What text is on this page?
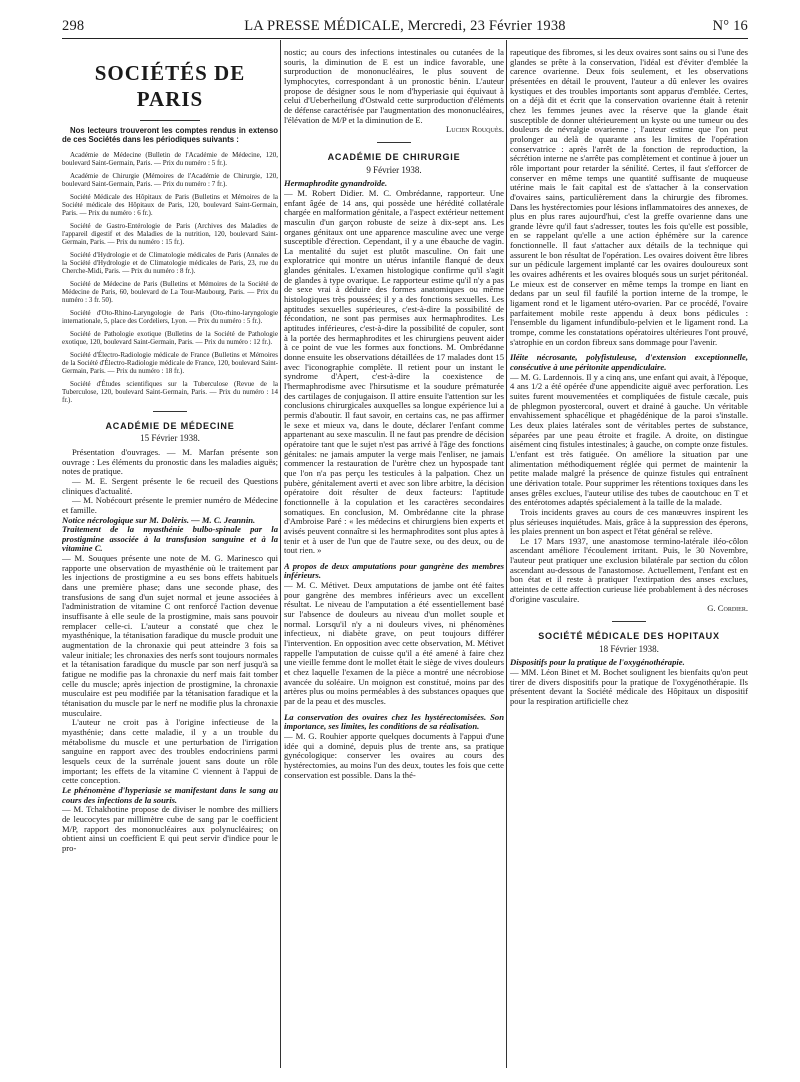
298	LA PRESSE MÉDICALE, Mercredi, 23 Février 1938	N° 16
SOCIÉTÉS DE PARIS
Nos lecteurs trouveront les comptes rendus in extenso de ces Sociétés dans les périodiques suivants :
Académie de Médecine (Bulletin de l'Académie de Médecine, 120, boulevard Saint-Germain, Paris. — Prix du numéro : 5 fr.).
Académie de Chirurgie (Mémoires de l'Académie de Chirurgie, 120, boulevard Saint-Germain, Paris. — Prix du numéro : 7 fr.).
Société Médicale des Hôpitaux de Paris (Bulletins et Mémoires de la Société médicale des Hôpitaux de Paris, 120, boulevard Saint-Germain, Paris. — Prix du numéro : 6 fr.).
Société de Gastro-Entérologie de Paris (Archives des Maladies de l'appareil digestif et des Maladies de la nutrition, 120, boulevard Saint-Germain, Paris. — Prix du numéro : 15 fr.).
Société d'Hydrologie et de Climatologie médicales de Paris (Annales de la Société d'Hydrologie et de Climatologie médicales de Paris, 23, rue du Cherche-Midi, Paris. — Prix du numéro : 8 fr.).
Société de Médecine de Paris (Bulletins et Mémoires de la Société de Médecine de Paris, 60, boulevard de La Tour-Maubourg, Paris. — Prix du numéro : 3 fr. 50).
Société d'Oto-Rhino-Laryngologie de Paris (Oto-rhino-laryngologie internationale, 5, place des Cordeliers, Lyon. — Prix du numéro : 5 fr.).
Société de Pathologie exotique (Bulletins de la Société de Pathologie exotique, 120, boulevard Saint-Germain, Paris. — Prix du numéro : 12 fr.).
Société d'Électro-Radiologie médicale de France (Bulletins et Mémoires de la Société d'Électro-Radiologie médicale de France, 120, boulevard Saint-Germain, Paris. — Prix du numéro : 18 fr.).
Société d'Études scientifiques sur la Tuberculose (Revue de la Tuberculose, 120, boulevard Saint-Germain, Paris. — Prix du numéro : 14 fr.).
ACADÉMIE DE MÉDECINE
15 Février 1938.

Présentation d'ouvrages. — M. Marfan présente son ouvrage : Les éléments du pronostic dans les maladies aiguës; notes de pratique.

— M. E. Sergent présente le 6e recueil des Questions cliniques d'actualité.

— M. Nobécourt présente le premier numéro de Médecine et famille.

Notice nécrologique sur M. Dolèris. — M. C. Jeannin.

Traitement de la myasthénie bulbo-spinale par la prostigmine associée à la transfusion sanguine et à la vitamine C.

— M. Souques présente une note de M. G. Marinesco qui rapporte une observation de myasthénie où le traitement par les injections de prostigmine a eu ses bons effets habituels dans une première phase; dans une seconde phase, des transfusions de sang d'un sujet normal et jeune associées à l'administration de vitamine C ont renforcé l'action devenue insuffisante à elle seule de la prostigmine, mais sans pouvoir remplacer celle-ci. L'auteur a constaté que chez le myasthénique, la tétanisation faradique du muscle produit une augmentation de la chronaxie qui peut atteindre 3 fois sa valeur initiale; les chronaxies des nerfs sont toujours normales et la tétanisation faradique du muscle par son nerf jusqu'à sa fatigue ne modifie pas la chronaxie du nerf mais fait tomber celle du muscle; après injection de prostigmine, la chronaxie musculaire est peu modifiée par la tétanisation faradique et la tétanisation du muscle par le nerf ne modifie plus la chronaxie musculaire.

L'auteur ne croit pas à l'origine infectieuse de la myasthénie; dans cette maladie, il y a un trouble du métabolisme du muscle et une perturbation de l'irrigation sanguine en rapport avec des troubles endocriniens parmi lesquels ceux de la surrénale jouent sans doute un rôle important; les effets de la vitamine C viennent à l'appui de cette conception.

Le phénomène d'hyperiasie se manifestant dans le sang au cours des infections de la souris.

— M. Tchakhotine propose de diviser le nombre des milliers de leucocytes par millimètre cube de sang par le coefficient M/P, rapport des mononucléaires aux polynucléaires; on obtient ainsi un coefficient E qui peut servir d'indice pour le pro-

nostic; au cours des infections intestinales ou cutanées de la souris, la diminution de E est un indice favorable, une surproduction de mononucléaires, le plus souvent de lymphocytes, correspondant à un pronostic bénin. L'auteur propose de désigner sous le nom d'hyperiasie qui équivaut à celui d'Ueberheilung d'Ostwald cette surproduction d'éléments de défense caractérisée par l'augmentation des mononucléaires, l'élévation de M/P et la diminution de E.

Lucien Rouquès.
ACADÉMIE DE CHIRURGIE
9 Février 1938.

Hermaphrodite gynandroïde.

— M. Robert Didier. M. C. Ombrédanne, rapporteur. Une enfant âgée de 14 ans, qui possède une hérédité collatérale chargée en malformation génitale, a l'aspect extérieur nettement masculin d'un garçon robuste de seize à dix-sept ans. Les organes génitaux ont une apparence masculine avec une verge susceptible d'érection. Cependant, il y a une ébauche de vagin. La mentalité du sujet est plutôt masculine. On fait une exploratrice qui montre un utérus infantile flanqué de deux glandes génitales. L'examen histologique confirme qu'il s'agit de glandes à type ovarique. Le rapporteur estime qu'il n'y a pas de sexe vrai à déduire des formes anatomiques ou même histologiques très poussées; il y a des fonctions sexuelles. Les aptitudes sexuelles supérieures, c'est-à-dire la possibilité de fécondation, ne sont pas permises aux hermaphrodites. Les aptitudes inférieures, c'est-à-dire la possibilité de copuler, sont à la portée des hermaphrodites et les chirurgiens peuvent aider à ce point de vue les formes aux fonctions. M. Ombrédanne donne ensuite les observations détaillées de 17 malades dont 15 avec l'iconographie complète. Il retient pour un instant le syndrome d'Apert, c'est-à-dire la coexistence de l'hermaphrodisme avec l'hirsutisme et la soudure prématurée des cartilages de conjugaison. Il attire ensuite l'attention sur les conclusions chirurgicales auxquelles sa longue expérience lui a permis d'aboutir. Il faut savoir, en certains cas, ne pas affirmer le sexe et mieux va, dans le doute, déclarer l'enfant comme appartenant au sexe masculin. Il ne faut pas prendre de décision opératoire tant que le sujet n'est pas arrivé à l'âge des fonctions génitales: ne jamais amputer la verge mais l'enliser, ne jamais commencer la restauration de l'urètre chez un hypospade tant que l'on n'a pas perçu les testicules à la palpation. Chez un pubère, génitalement averti et avec son libre arbitre, la décision opératoire doit résulter de deux facteurs: l'aptitude fonctionnelle à la copulation et les caractères secondaires somatiques. En conclusion, M. Ombrédanne cite la phrase d'Ambroise Paré : « les médecins et chirurgiens bien experts et avisés peuvent connaître si les hermaphrodites sont plus aptes à tenir et à user de l'un que de l'autre sexe, ou des deux, ou de tout rien. »

A propos de deux amputations pour gangrène des membres inférieurs.

— M. C. Métivet. Deux amputations de jambe ont été faites pour gangrène des membres inférieurs avec un excellent résultat. Le niveau de l'amputation a été essentiellement basé sur l'absence de douleurs au niveau d'un mollet souple et normal. Lorsqu'il n'y a ni douleurs vives, ni phénomènes infectieux, ni diabète grave, on peut toujours différer l'intervention. En opposition avec cette observation, M. Métivet rappelle l'amputation de cuisse qu'il a été amené à faire chez une vieille femme dont le mollet était le siège de vives douleurs et chez laquelle l'examen de la pièce a montré une nécrobiose avancée du soléaire. Un moignon est constitué, moins par des artères plus ou moins perméables à des substances opaques que par de la peau et des muscles.

La conservation des ovaires chez les hystérectomisées. Son importance, ses limites, les conditions de sa réalisation.

— M. G. Rouhier apporte quelques documents à l'appui d'une idée qui a dominé, depuis plus de trente ans, sa pratique gynécologique: conserver les ovaires au cours des hystérectomies, au moins l'un des deux, toutes les fois que cette conservation est possible. Dans la thé-

rapeutique des fibromes, si les deux ovaires sont sains ou si l'une des glandes se prête à la conservation, l'idéal est d'éviter d'emblée la carence ovarienne. Deux fois seulement, et les observations présentées en détail le prouvent, l'auteur a dû enlever les ovaires kystiques et des troubles importants sont apparus d'emblée. Certes, on a déjà dit et écrit que la conservation ovarienne était à retenir chez les femmes jeunes avec la réserve que la glande était susceptible de donner ultérieurement un kyste ou une tumeur ou des douleurs de névralgie ovarienne ; l'auteur estime que l'on peut prolonger au delà de quarante ans les limites de l'opération conservatrice : après l'arrêt de la fonction de reproduction, la sécrétion interne ne s'arrête pas complètement et continue à jouer un rôle important pour retarder la sénilité. Certes, il faut s'efforcer de conserver en même temps une quantité suffisante de muqueuse utérine mais le fait capital est de s'attacher à la conservation d'ovaires sains, particulièrement dans la chirurgie des fibromes. Dans les hystérectomies pour lésions inflammatoires des annexes, de plus en plus rares aujourd'hui, c'est la greffe ovarienne dans une grande lèvre qu'il faut s'adresser, toutes les fois qu'elle est possible, en se rappelant qu'elle a une action éphémère sur la carence fonctionnelle. Il faut s'attacher aux détails de la technique qui assurent le bon résultat de l'opération. Les ovaires doivent être libres sur un pédicule largement implanté car les ovaires douloureux sont les ovaires adhérents et les ovaires bloqués sous un surjet péritonéal. Le mieux est de conserver en même temps la trompe en liant en dedans par un seul fil faufilé la portion interne de la trompe, le ligament rond et le ligament utéro-ovarien. Par ce procédé, l'ovaire parfaitement mobile reste appendu à deux bons pédicules : l'ensemble du ligament infundibulo-pelvien et le ligament rond. La trompe, comme les constatations opératoires ultérieures l'ont prouvé, s'atrophie en un cordon fibreux sans dommage pour l'avenir.

Iléite nécrosante, polyfistuleuse, d'extension exceptionnelle, consécutive à une péritonite appendiculaire.

— M. G. Lardennois. Il y a cinq ans, une enfant qui avait, à l'époque, 4 ans 1/2 a été opérée d'une appendicite aiguë avec perforation. Les suites furent mouvementées et compliquées de fistule cæcale, puis de phlegmon pyostercoral, ouvert et drainé à gauche. Un véritable envahissement sphacélique et phagédénique de la paroi s'installe. Les deux plaies latérales sont de véritables pertes de substance, séparées par une peau étroite et fragile. A droite, on distingue aisément cinq fistules intestinales; à gauche, on compte onze fistules. L'enfant est très fatiguée. On améliore la situation par une alimentation méthodiquement réglée qui permet de maintenir la petite malade malgré la présence de quinze fistules qui entraînent une dérivation totale. Pour supprimer les rétentions toxiques dans les anses grêles exclues, l'auteur utilise des tubes de caoutchouc en T et des entérotomes adaptés spécialement à la taille de la malade.

Trois incidents graves au cours de ces manœuvres inspirent les plus sérieuses inquiétudes. Mais, grâce à la suppression des éperons, les plaies prennent un bon aspect et l'état général se relève.

Le 17 Mars 1937, une anastomose termino-latérale iléo-côlon ascendant améliore l'écoulement irritant. Puis, le 30 Novembre, l'auteur peut pratiquer une exclusion bilatérale par section du côlon ascendant au-dessous de l'anastomose. Actuellement, l'enfant est en bon état et il reste à pratiquer l'extirpation des anses exclues, atteintes de cette affection curieuse liée probablement à des nécroses d'origine vasculaire.

G. Cordier.
SOCIÉTÉ MÉDICALE DES HOPITAUX
18 Février 1938.

Dispositifs pour la pratique de l'oxygénothérapie.

— MM. Léon Binet et M. Bochet soulignent les bienfaits qu'on peut tirer de divers dispositifs pour la pratique de l'oxygénothérapie. Ils présentent devant la Société médicale des Hôpitaux un dispositif pour la respiration artificielle chez
